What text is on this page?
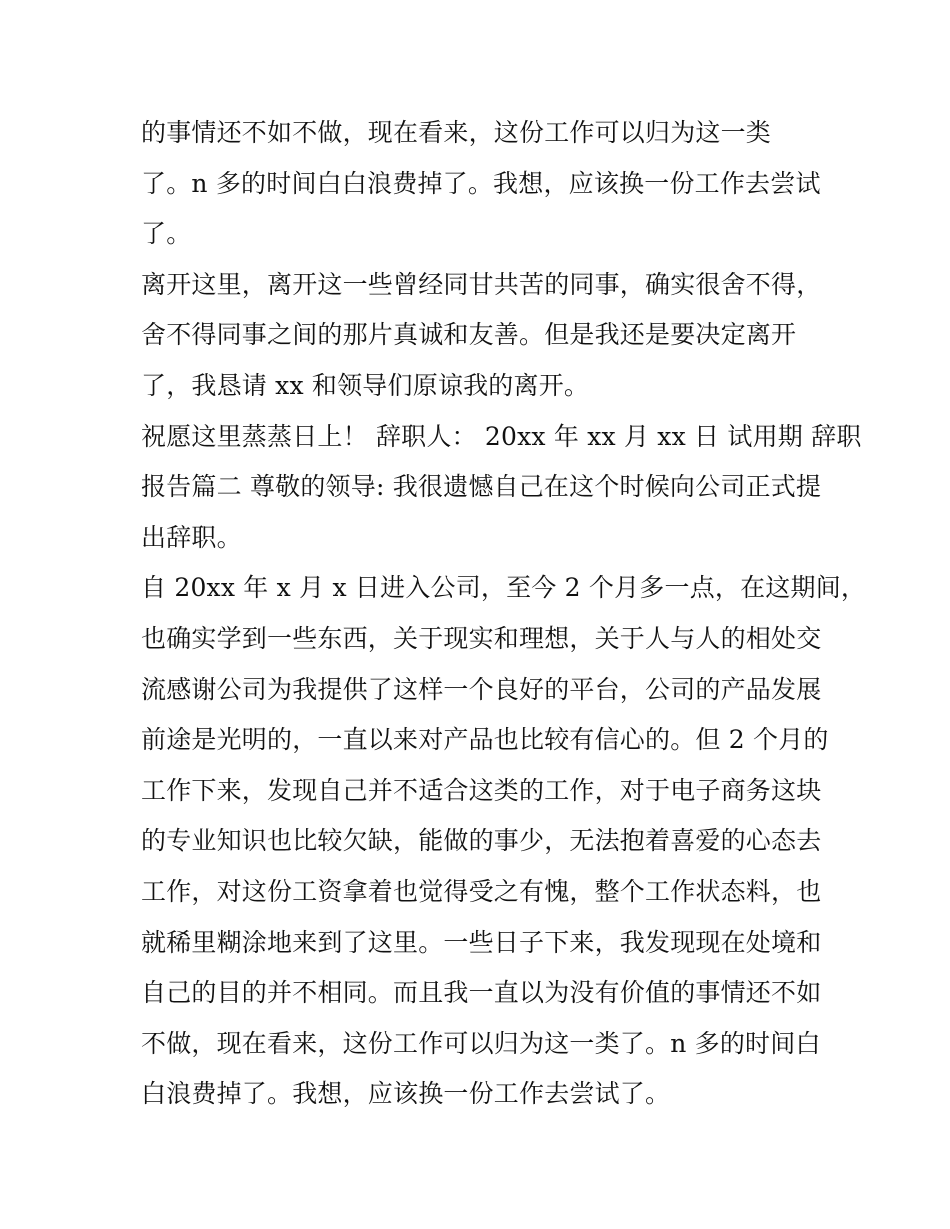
的事情还不如不做，现在看来，这份工作可以归为这一类
了。n 多的时间白白浪费掉了。我想，应该换一份工作去尝试
了。
离开这里，离开这一些曾经同甘共苦的同事，确实很舍不得，
舍不得同事之间的那片真诚和友善。但是我还是要决定离开
了，我恳请 xx 和领导们原谅我的离开。
祝愿这里蒸蒸日上！ 辞职人： 20xx 年 xx 月 xx 日 试用期 辞职
报告篇二 尊敬的领导: 我很遗憾自己在这个时候向公司正式提
出辞职。
自 20xx 年 x 月 x 日进入公司，至今 2 个月多一点，在这期间，
也确实学到一些东西，关于现实和理想，关于人与人的相处交
流感谢公司为我提供了这样一个良好的平台，公司的产品发展
前途是光明的，一直以来对产品也比较有信心的。但 2 个月的
工作下来，发现自己并不适合这类的工作，对于电子商务这块
的专业知识也比较欠缺，能做的事少，无法抱着喜爱的心态去
工作，对这份工资拿着也觉得受之有愧，整个工作状态料，也
就稀里糊涂地来到了这里。一些日子下来，我发现现在处境和
自己的目的并不相同。而且我一直以为没有价值的事情还不如
不做，现在看来，这份工作可以归为这一类了。n 多的时间白
白浪费掉了。我想，应该换一份工作去尝试了。
